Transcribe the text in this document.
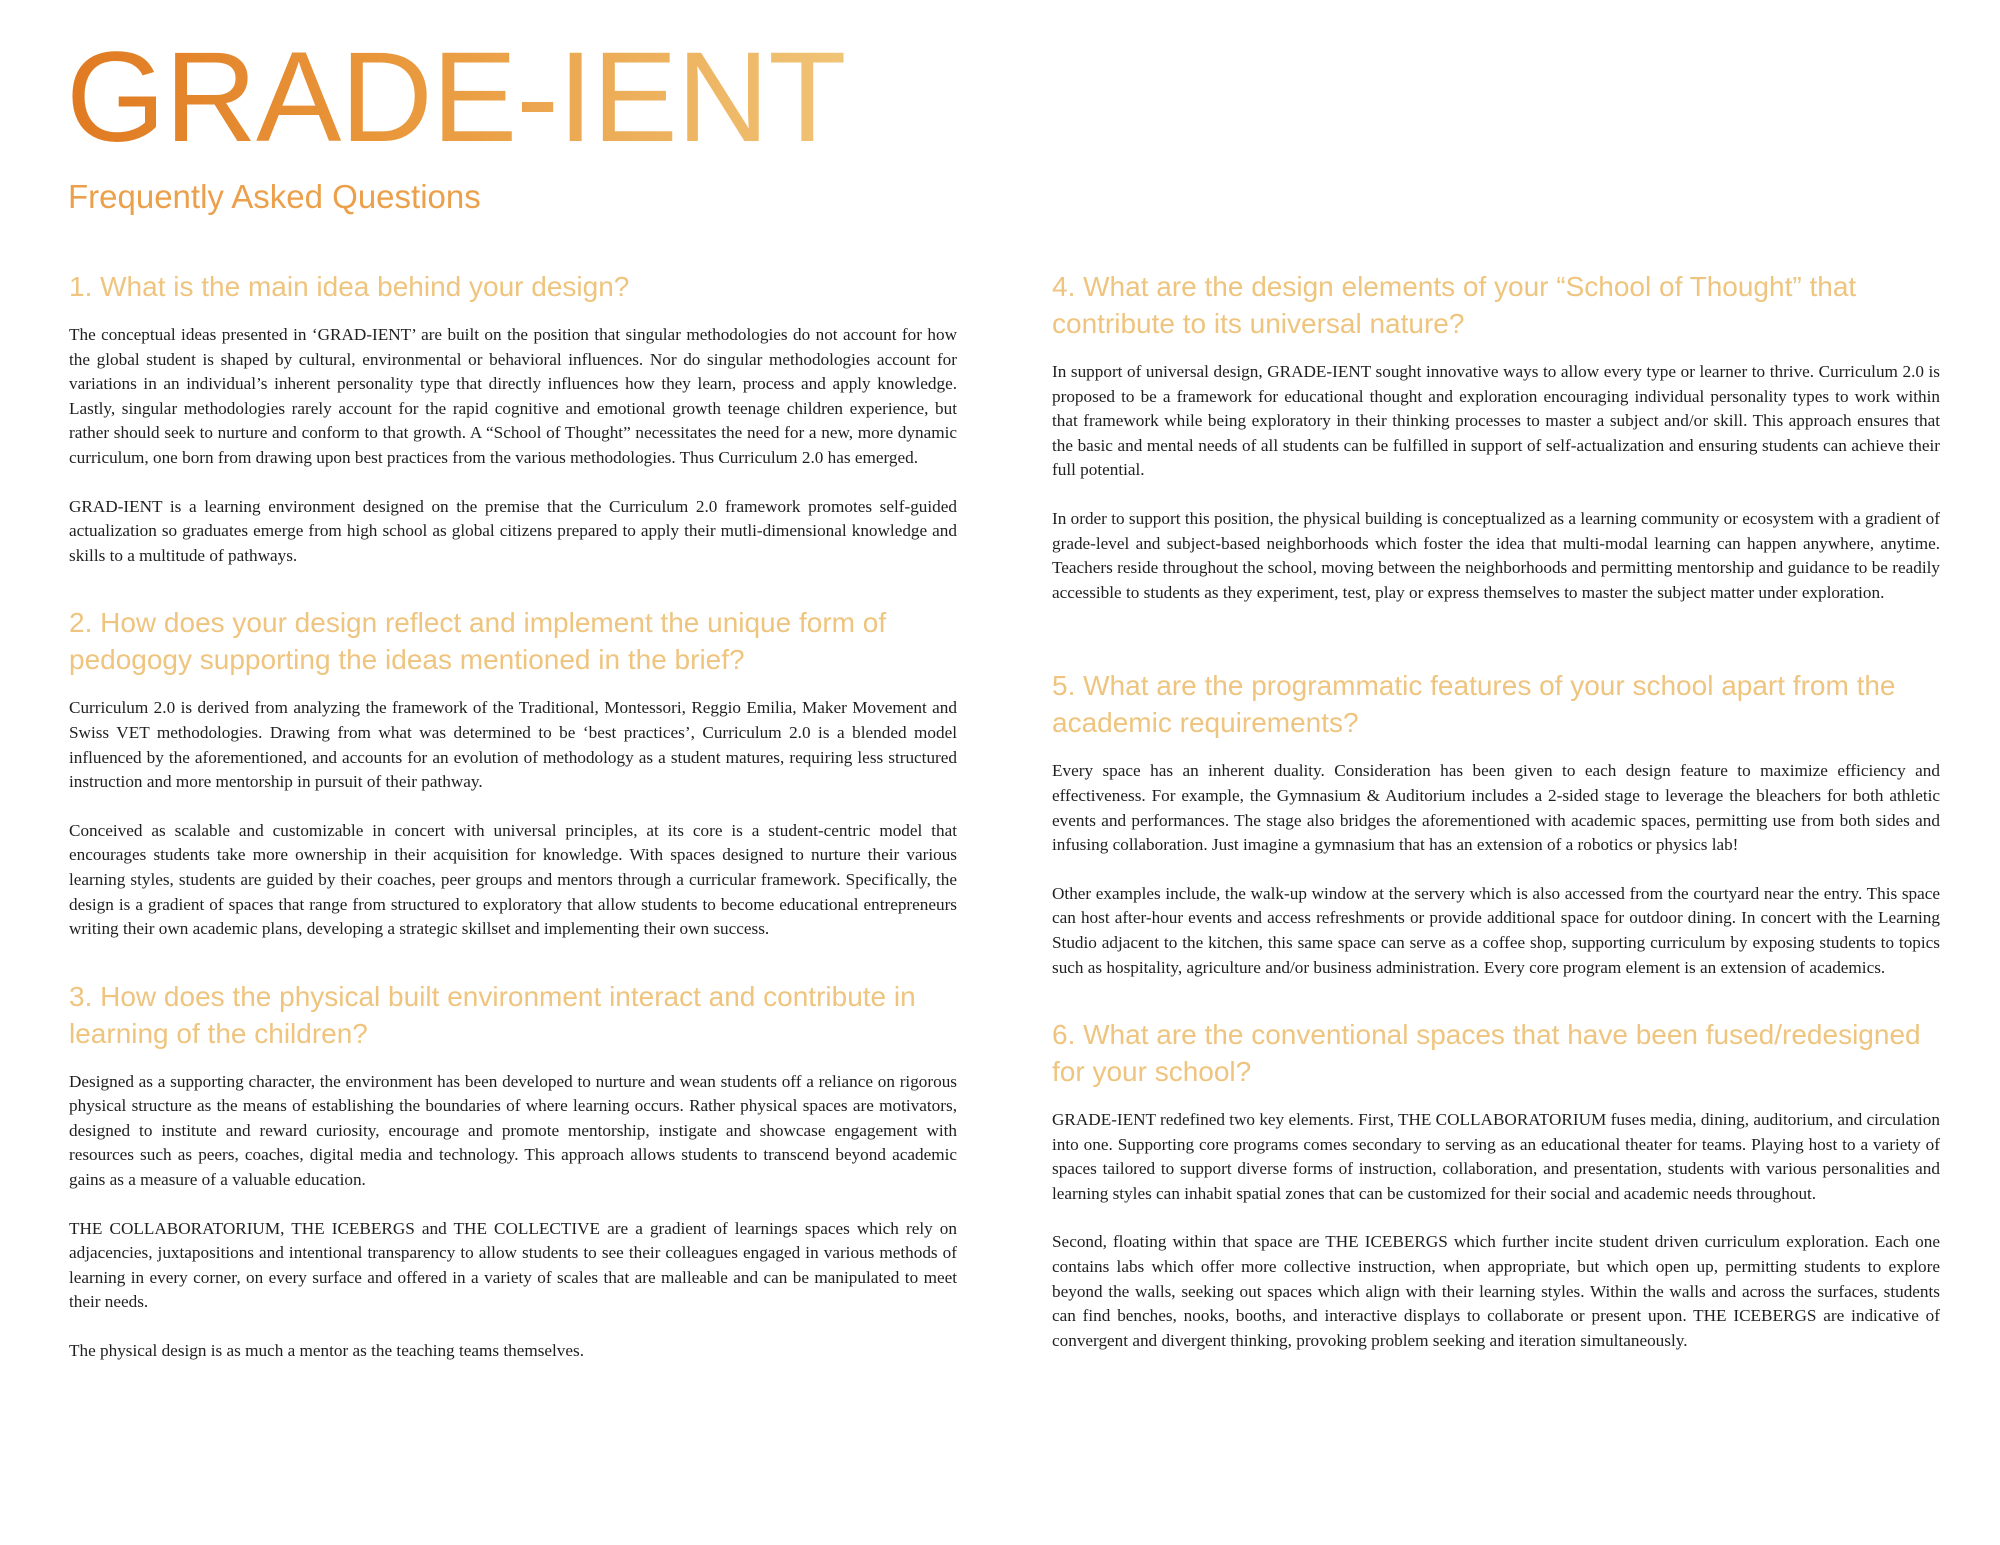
GRADE-IENT
Frequently Asked Questions
1. What is the main idea behind your design?

The conceptual ideas presented in ‘GRAD-IENT’ are built on the position that singular methodologies do not account for how the global student is shaped by cultural, environmental or behavioral influences. Nor do singular methodologies account for variations in an individual’s inherent personality type that directly influences how they learn, process and apply knowledge. Lastly, singular methodologies rarely account for the rapid cognitive and emotional growth teenage children experience, but rather should seek to nurture and conform to that growth. A “School of Thought” necessitates the need for a new, more dynamic curriculum, one born from drawing upon best practices from the various methodologies. Thus Curriculum 2.0 has emerged.

GRAD-IENT is a learning environment designed on the premise that the Curriculum 2.0 framework promotes self-guided actualization so graduates emerge from high school as global citizens prepared to apply their mutli-dimensional knowledge and skills to a multitude of pathways.

2. How does your design reflect and implement the unique form of pedogogy supporting the ideas mentioned in the brief?

Curriculum 2.0 is derived from analyzing the framework of the Traditional, Montessori, Reggio Emilia, Maker Movement and Swiss VET methodologies. Drawing from what was determined to be ‘best practices’, Curriculum 2.0 is a blended model influenced by the aforementioned, and accounts for an evolution of methodology as a student matures, requiring less structured instruction and more mentorship in pursuit of their pathway.

Conceived as scalable and customizable in concert with universal principles, at its core is a student-centric model that encourages students take more ownership in their acquisition for knowledge. With spaces designed to nurture their various learning styles, students are guided by their coaches, peer groups and mentors through a curricular framework. Specifically, the design is a gradient of spaces that range from structured to exploratory that allow students to become educational entrepreneurs writing their own academic plans, developing a strategic skillset and implementing their own success.

3. How does the physical built environment interact and contribute in learning of the children?

Designed as a supporting character, the environment has been developed to nurture and wean students off a reliance on rigorous physical structure as the means of establishing the boundaries of where learning occurs. Rather physical spaces are motivators, designed to institute and reward curiosity, encourage and promote mentorship, instigate and showcase engagement with resources such as peers, coaches, digital media and technology. This approach allows students to transcend beyond academic gains as a measure of a valuable education.

THE COLLABORATORIUM, THE ICEBERGS and THE COLLECTIVE are a gradient of learnings spaces which rely on adjacencies, juxtapositions and intentional transparency to allow students to see their colleagues engaged in various methods of learning in every corner, on every surface and offered in a variety of scales that are malleable and can be manipulated to meet their needs.

The physical design is as much a mentor as the teaching teams themselves.

4. What are the design elements of your “School of Thought” that contribute to its universal nature?

In support of universal design, GRADE-IENT sought innovative ways to allow every type or learner to thrive. Curriculum 2.0 is proposed to be a framework for educational thought and exploration encouraging individual personality types to work within that framework while being exploratory in their thinking processes to master a subject and/or skill. This approach ensures that the basic and mental needs of all students can be fulfilled in support of self-actualization and ensuring students can achieve their full potential.

In order to support this position, the physical building is conceptualized as a learning community or ecosystem with a gradient of grade-level and subject-based neighborhoods which foster the idea that multi-modal learning can happen anywhere, anytime. Teachers reside throughout the school, moving between the neighborhoods and permitting mentorship and guidance to be readily accessible to students as they experiment, test, play or express themselves to master the subject matter under exploration.

5. What are the programmatic features of your school apart from the academic requirements?

Every space has an inherent duality. Consideration has been given to each design feature to maximize efficiency and effectiveness. For example, the Gymnasium & Auditorium includes a 2-sided stage to leverage the bleachers for both athletic events and performances. The stage also bridges the aforementioned with academic spaces, permitting use from both sides and infusing collaboration. Just imagine a gymnasium that has an extension of a robotics or physics lab!

Other examples include, the walk-up window at the servery which is also accessed from the courtyard near the entry. This space can host after-hour events and access refreshments or provide additional space for outdoor dining. In concert with the Learning Studio adjacent to the kitchen, this same space can serve as a coffee shop, supporting curriculum by exposing students to topics such as hospitality, agriculture and/or business administration. Every core program element is an extension of academics.

6. What are the conventional spaces that have been fused/redesigned for your school?

GRADE-IENT redefined two key elements. First, THE COLLABORATORIUM fuses media, dining, auditorium, and circulation into one. Supporting core programs comes secondary to serving as an educational theater for teams. Playing host to a variety of spaces tailored to support diverse forms of instruction, collaboration, and presentation, students with various personalities and learning styles can inhabit spatial zones that can be customized for their social and academic needs throughout.

Second, floating within that space are THE ICEBERGS which further incite student driven curriculum exploration. Each one contains labs which offer more collective instruction, when appropriate, but which open up, permitting students to explore beyond the walls, seeking out spaces which align with their learning styles. Within the walls and across the surfaces, students can find benches, nooks, booths, and interactive displays to collaborate or present upon. THE ICEBERGS are indicative of convergent and divergent thinking, provoking problem seeking and iteration simultaneously.
